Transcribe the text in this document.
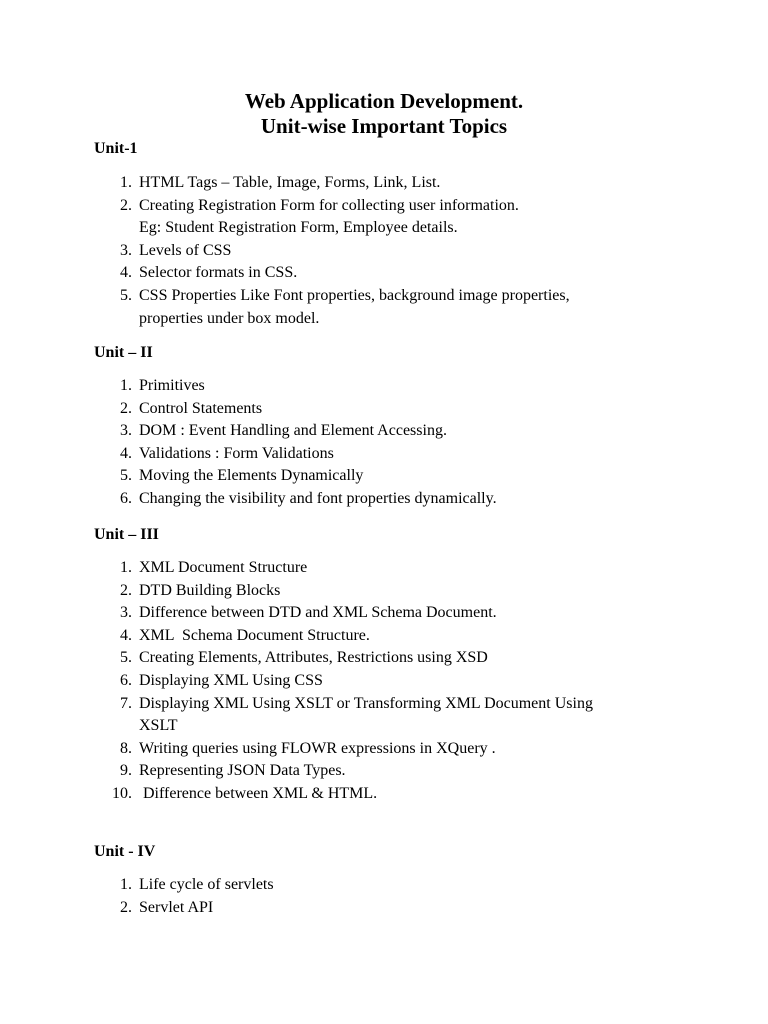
Web Application Development.
Unit-wise Important Topics
Unit-1
1. HTML Tags – Table, Image, Forms, Link, List.

2. Creating Registration Form for collecting user information.

Eg: Student Registration Form, Employee details.

3. Levels of CSS

4. Selector formats in CSS.

5. CSS Properties Like Font properties, background image properties,

properties under box model.

Unit – II
1. Primitives

2. Control Statements

3. DOM : Event Handling and Element Accessing.

4. Validations : Form Validations

5. Moving the Elements Dynamically

6. Changing the visibility and font properties dynamically.

Unit – III
1. XML Document Structure

2. DTD Building Blocks

3. Difference between DTD and XML Schema Document.

4. XML  Schema Document Structure.

5. Creating Elements, Attributes, Restrictions using XSD

6. Displaying XML Using CSS

7. Displaying XML Using XSLT or Transforming XML Document Using

XSLT

8. Writing queries using FLOWR expressions in XQuery .

9. Representing JSON Data Types.

10. Difference between XML & HTML.

Unit - IV
1. Life cycle of servlets

2. Servlet API
